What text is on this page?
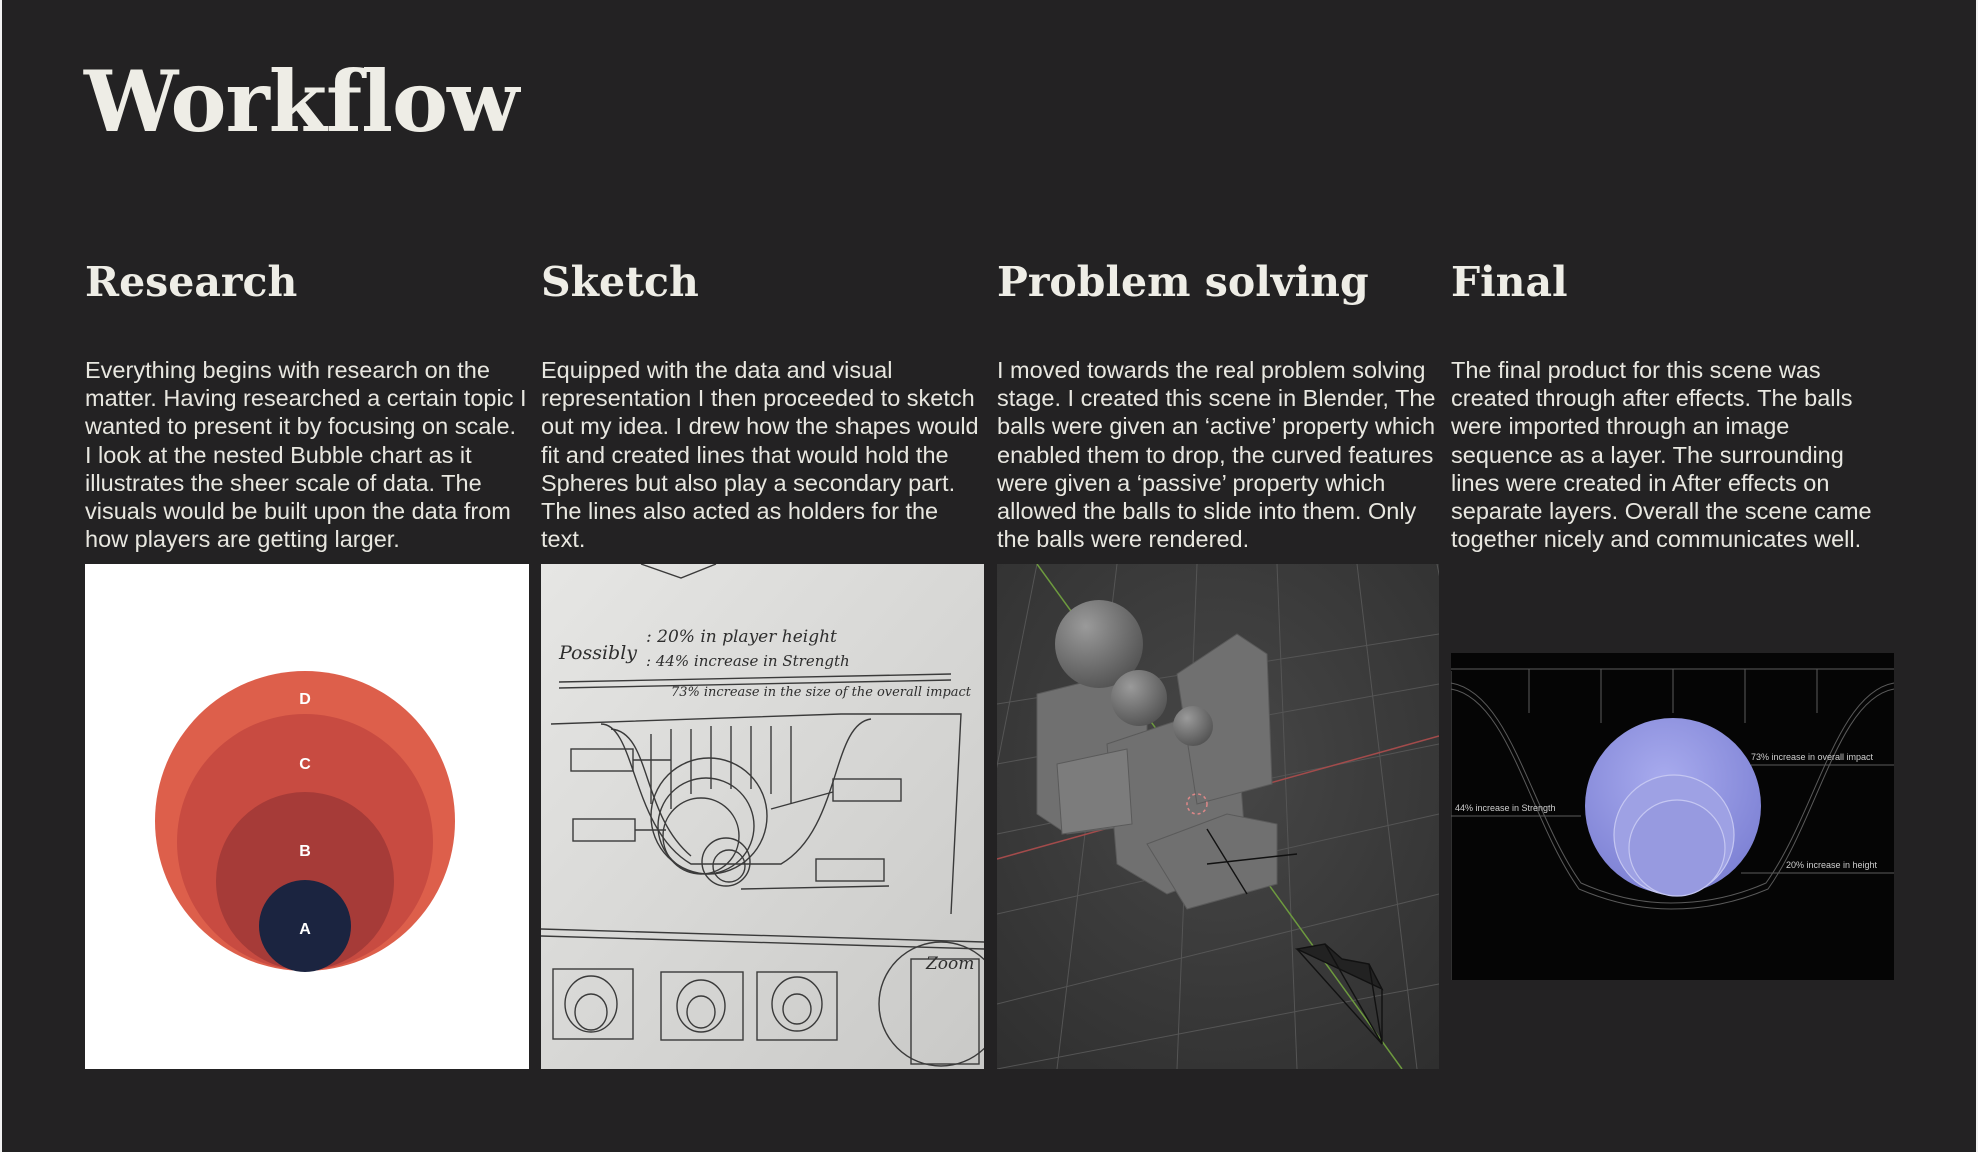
Workflow
Research	Sketch	Problem solving Final

Everything begins with research on the matter. Having researched a certain topic I wanted to present it by focusing on scale. I look at the nested Bubble chart as it illustrates the sheer scale of data. The visuals would be built upon the data from how players are getting larger.

Equipped with the data and visual representation I then proceeded to sketch out my idea. I drew how the shapes would fit and created lines that would hold the Spheres but also play a secondary part. The lines also acted as holders for the text.

I moved towards the real problem solving stage. I created this scene in Blender, The balls were given an ‘active’ property which enabled them to drop, the curved features were given a ‘passive’ property which allowed the balls to slide into them. Only the balls were rendered.

The final product for this scene was created through after effects. The balls were imported through an image sequence as a layer. The surrounding lines were created in After effects on separate layers. Overall the scene came together nicely and communicates well.

D
C
B
A
Possibly
: 20% in player height
: 44% increase in Strength
73% increase in the size of the overall impact
Zoom
73% increase in overall impact
44% increase in Strength
20% increase in height
